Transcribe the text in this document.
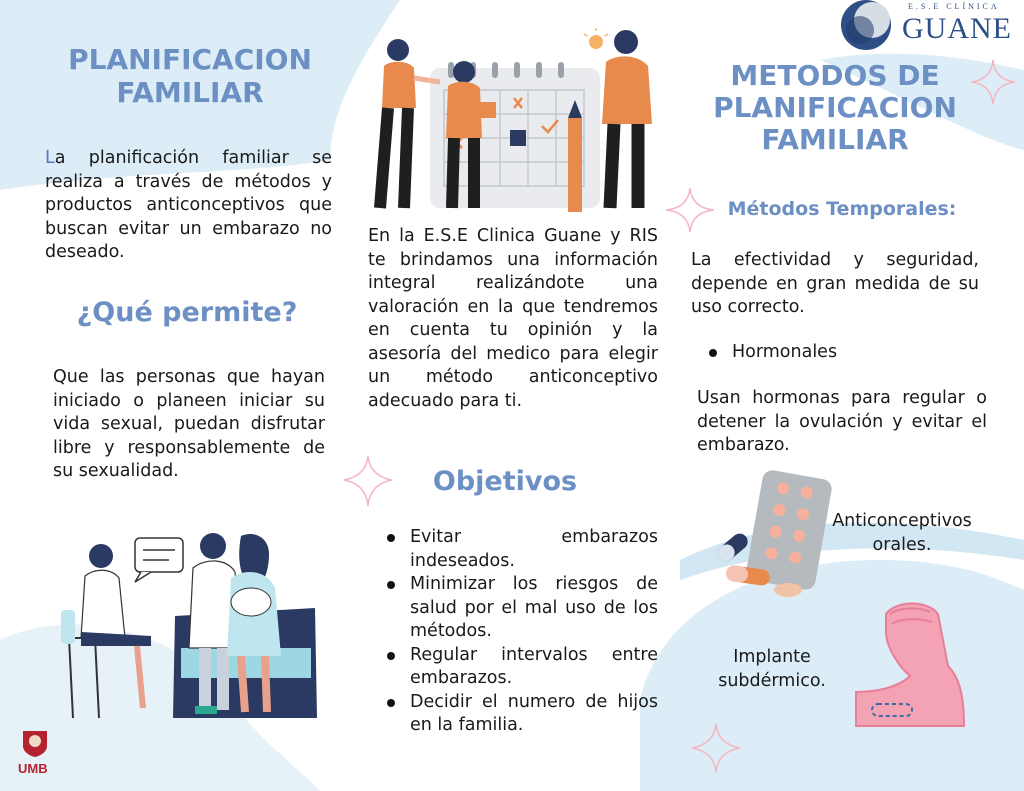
E.S.E CLÍNICA
GUANE
PLANIFICACION FAMILIAR

La planificación familiar se realiza a través de métodos y productos anticonceptivos que buscan evitar un embarazo no deseado.

¿Qué permite?

Que las personas que hayan iniciado o planeen iniciar su vida sexual, puedan disfrutar libre y responsablemente de su sexualidad.

UMB

En la E.S.E Clinica Guane y RIS te brindamos una información integral realizándote una valoración en la que tendremos en cuenta tu opinión y la asesoría del medico para elegir un método anticonceptivo adecuado para ti.

Objetivos
Evitar embarazos indeseados.
Minimizar los riesgos de salud por el mal uso de los métodos.
Regular intervalos entre embarazos.
Decidir el numero de hijos en la familia.
METODOS DE PLANIFICACION FAMILIAR
Métodos Temporales:

La efectividad y seguridad, depende en gran medida de su uso correcto.

Hormonales

Usan hormonas para regular o detener la ovulación y evitar el embarazo.

Anticonceptivos orales.
Implante subdérmico.
